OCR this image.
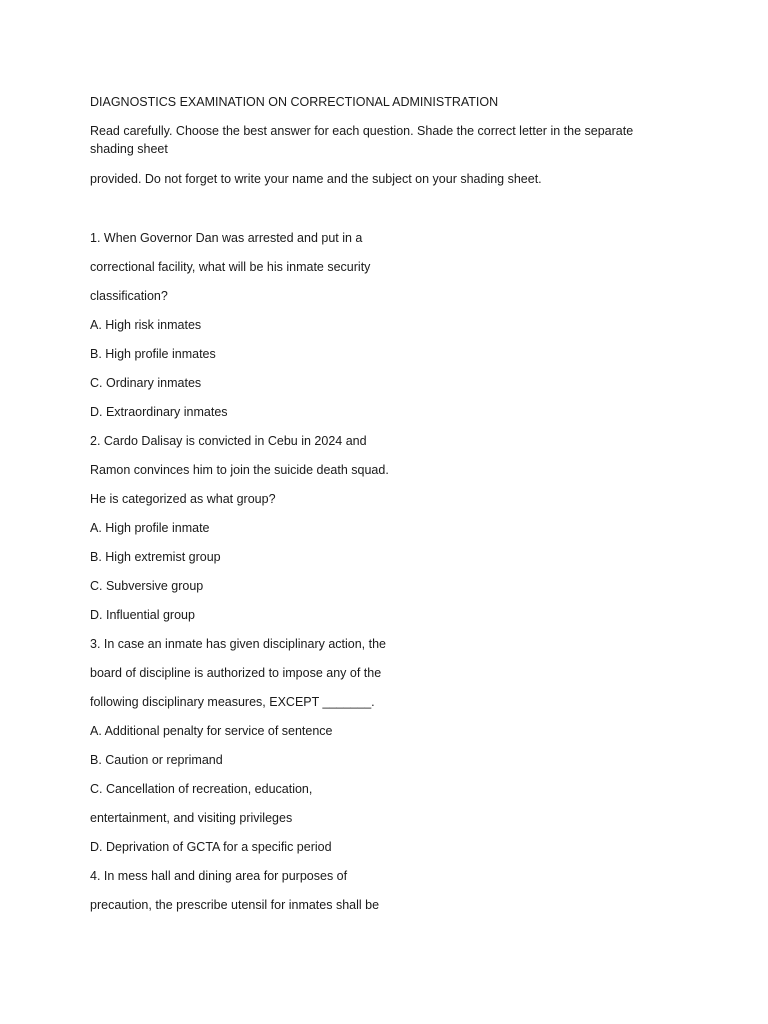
DIAGNOSTICS EXAMINATION ON CORRECTIONAL ADMINISTRATION
Read carefully. Choose the best answer for each question. Shade the correct letter in the separate shading sheet
provided. Do not forget to write your name and the subject on your shading sheet.
1. When Governor Dan was arrested and put in a
correctional facility, what will be his inmate security
classification?
A. High risk inmates
B. High profile inmates
C. Ordinary inmates
D. Extraordinary inmates
2. Cardo Dalisay is convicted in Cebu in 2024 and
Ramon convinces him to join the suicide death squad.
He is categorized as what group?
A. High profile inmate
B. High extremist group
C. Subversive group
D. Influential group
3. In case an inmate has given disciplinary action, the
board of discipline is authorized to impose any of the
following disciplinary measures, EXCEPT _______.
A. Additional penalty for service of sentence
B. Caution or reprimand
C. Cancellation of recreation, education,
entertainment, and visiting privileges
D. Deprivation of GCTA for a specific period
4. In mess hall and dining area for purposes of
precaution, the prescribe utensil for inmates shall be
